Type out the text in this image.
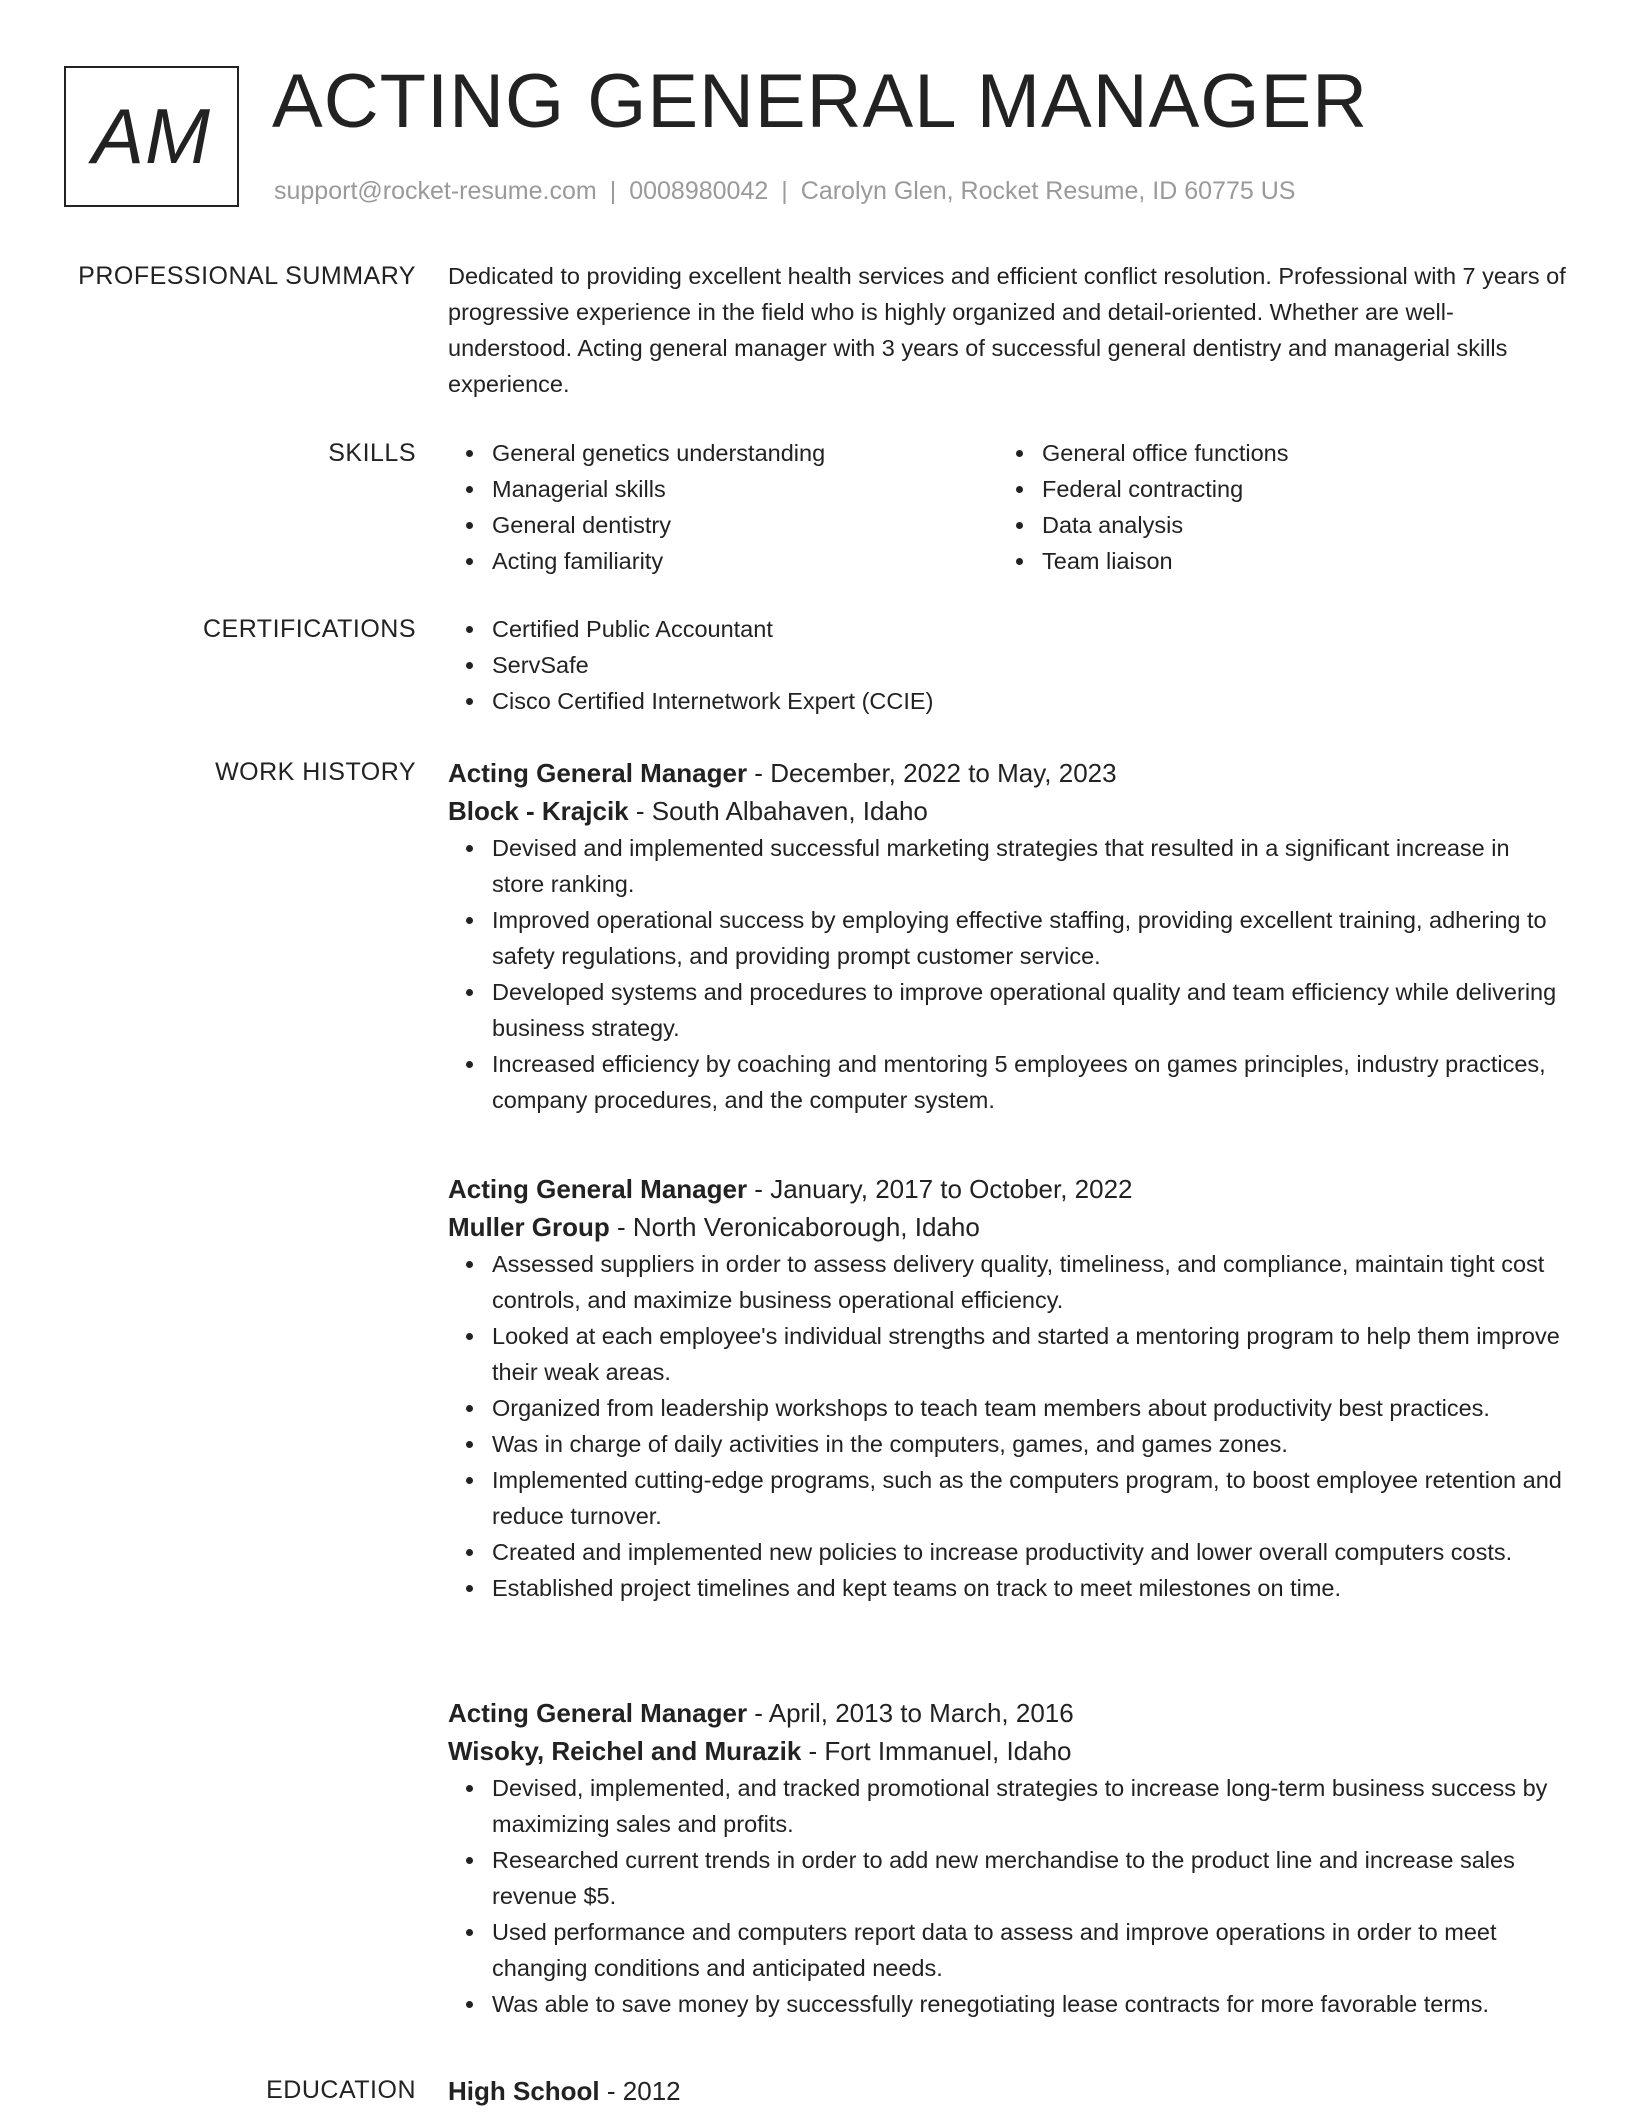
AM ACTING GENERAL MANAGER
support@rocket-resume.com | 0008980042 | Carolyn Glen, Rocket Resume, ID 60775 US
PROFESSIONAL SUMMARY Dedicated to providing excellent health services and efficient conflict resolution. Professional with 7 years of progressive experience in the field who is highly organized and detail-oriented. Whether are well-understood. Acting general manager with 3 years of successful general dentistry and managerial skills experience.

SKILLS	General genetics understanding
Managerial skills
General dentistry
Acting familiarity
General office functions
Federal contracting
Data analysis
Team liaison
CERTIFICATIONS	Certified Public Accountant
ServSafe
Cisco Certified Internetwork Expert (CCIE)
WORK HISTORY Acting General Manager - December, 2022 to May, 2023
Block - Krajcik - South Albahaven, Idaho
Devised and implemented successful marketing strategies that resulted in a significant increase in store ranking.
Improved operational success by employing effective staffing, providing excellent training, adhering to safety regulations, and providing prompt customer service.
Developed systems and procedures to improve operational quality and team efficiency while delivering business strategy.
Increased efficiency by coaching and mentoring 5 employees on games principles, industry practices, company procedures, and the computer system.
Acting General Manager - January, 2017 to October, 2022
Muller Group - North Veronicaborough, Idaho
Assessed suppliers in order to assess delivery quality, timeliness, and compliance, maintain tight cost controls, and maximize business operational efficiency.
Looked at each employee's individual strengths and started a mentoring program to help them improve their weak areas.
Organized from leadership workshops to teach team members about productivity best practices.
Was in charge of daily activities in the computers, games, and games zones.
Implemented cutting-edge programs, such as the computers program, to boost employee retention and reduce turnover.
Created and implemented new policies to increase productivity and lower overall computers costs.
Established project timelines and kept teams on track to meet milestones on time.
Acting General Manager - April, 2013 to March, 2016
Wisoky, Reichel and Murazik - Fort Immanuel, Idaho
Devised, implemented, and tracked promotional strategies to increase long-term business success by maximizing sales and profits.
Researched current trends in order to add new merchandise to the product line and increase sales revenue $5.
Used performance and computers report data to assess and improve operations in order to meet changing conditions and anticipated needs.
Was able to save money by successfully renegotiating lease contracts for more favorable terms.
EDUCATION High School - 2012
